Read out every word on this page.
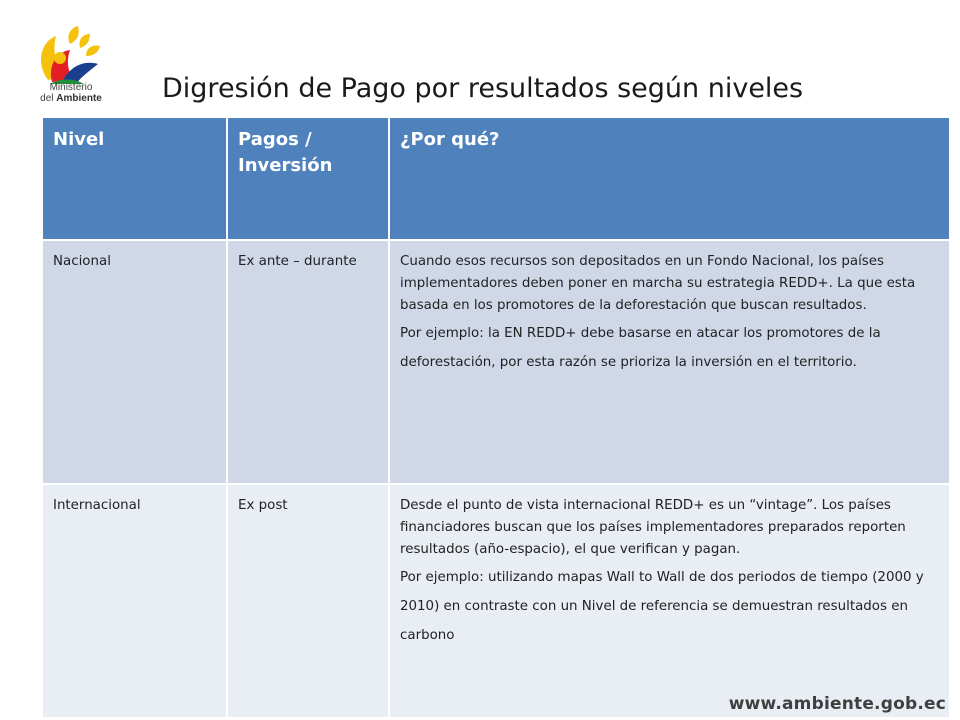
Ministerio
del Ambiente	Digresión de Pago por resultados según niveles
Nivel	Pagos / Inversión	¿Por qué?
Nacional	Ex ante – durante	Cuando esos recursos son depositados en un Fondo Nacional, los países implementadores deben poner en marcha su estrategia REDD+. La que esta basada en los promotores de la deforestación que buscan resultados.

Por ejemplo: la EN REDD+ debe basarse en atacar los promotores de la deforestación, por esta razón se prioriza la inversión en el territorio.

Internacional	Ex post	Desde el punto de vista internacional REDD+ es un “vintage”. Los países financiadores buscan que los países implementadores preparados reporten resultados (año-espacio), el que verifican y pagan.

Por ejemplo: utilizando mapas Wall to Wall de dos periodos de tiempo (2000 y 2010) en contraste con un Nivel de referencia se demuestran resultados en carbono

www.ambiente.gob.ec
